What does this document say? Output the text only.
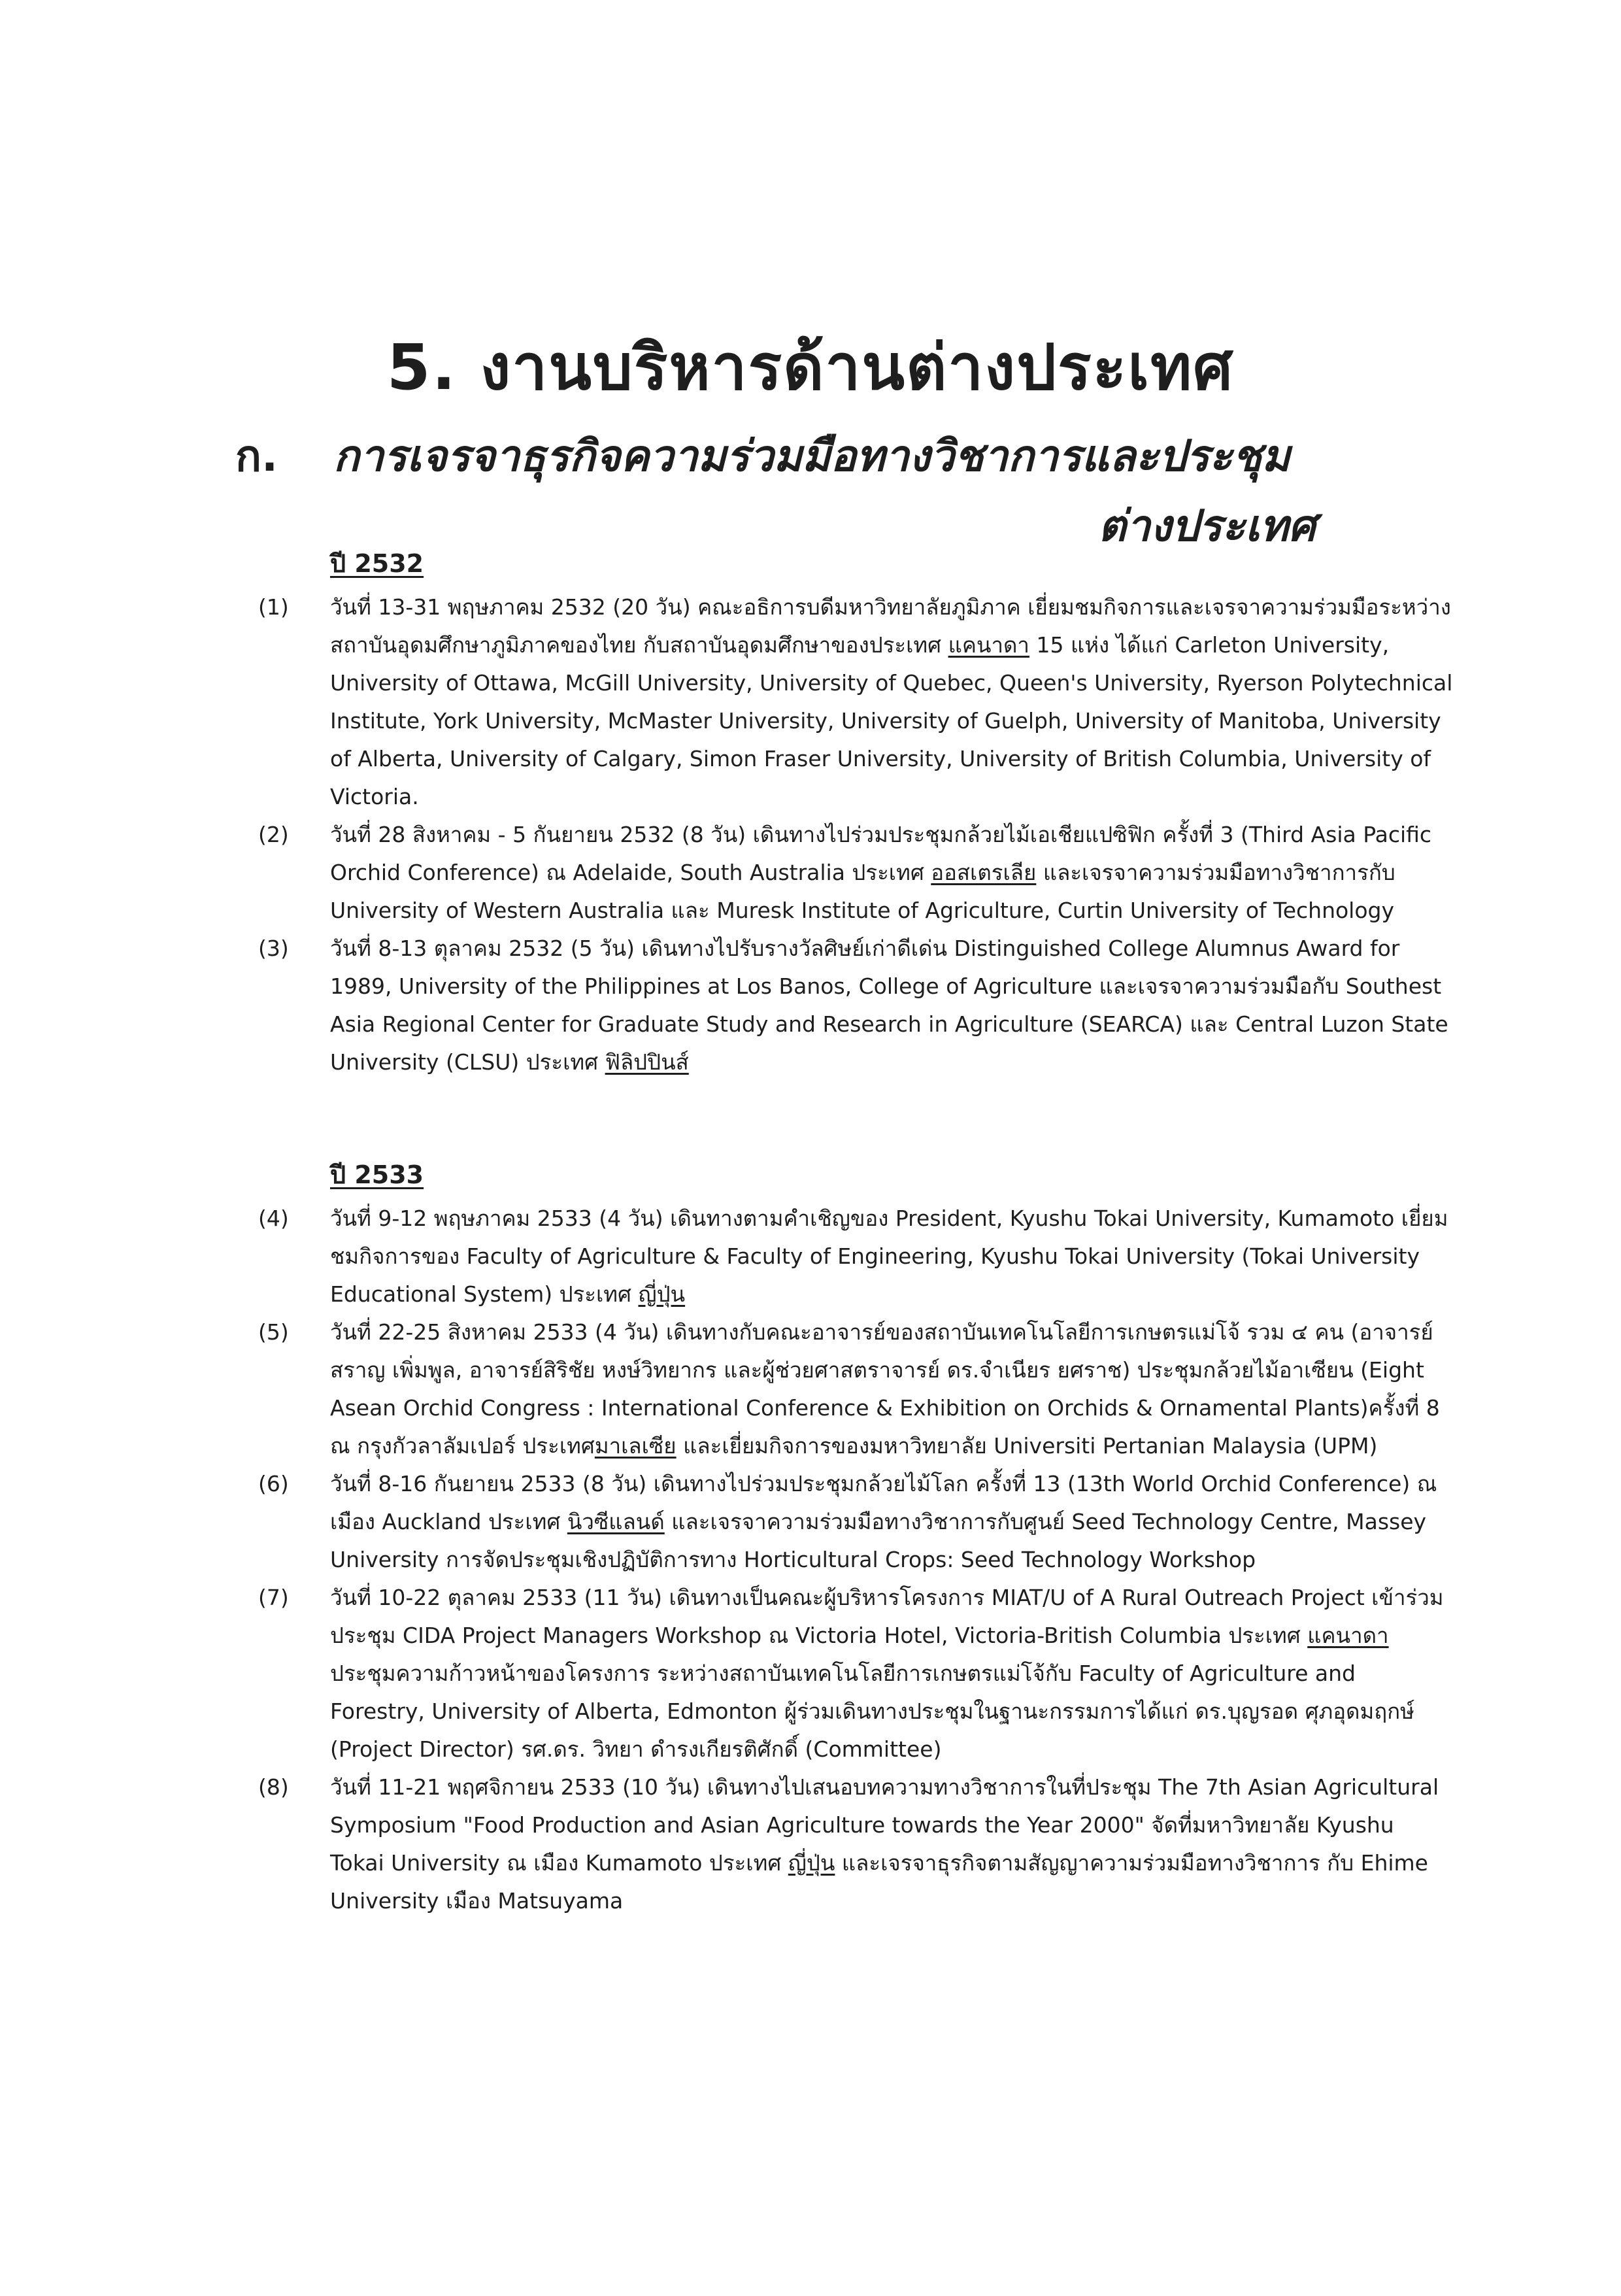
5. งานบริหารด้านต่างประเทศ
ก. การเจรจาธุรกิจความร่วมมือทางวิชาการและประชุม
ต่างประเทศ
ปี 2532
(1)	วันที่ 13-31 พฤษภาคม 2532 (20 วัน) คณะอธิการบดีมหาวิทยาลัยภูมิภาค เยี่ยมชมกิจการและเจรจาความร่วมมือระหว่างสถาบันอุดมศึกษาภูมิภาคของไทย กับสถาบันอุดมศึกษาของประเทศ แคนาดา 15 แห่ง ได้แก่ Carleton University, University of Ottawa, McGill University, University of Quebec, Queen's University, Ryerson Polytechnical Institute, York University, McMaster University, University of Guelph, University of Manitoba, University of Alberta, University of Calgary, Simon Fraser University, University of British Columbia, University of Victoria.
(2)	วันที่ 28 สิงหาคม - 5 กันยายน 2532 (8 วัน) เดินทางไปร่วมประชุมกล้วยไม้เอเชียแปซิฟิก ครั้งที่ 3 (Third Asia Pacific Orchid Conference) ณ Adelaide, South Australia ประเทศ ออสเตรเลีย และเจรจาความร่วมมือทางวิชาการกับ University of Western Australia และ Muresk Institute of Agriculture, Curtin University of Technology
(3)	วันที่ 8-13 ตุลาคม 2532 (5 วัน) เดินทางไปรับรางวัลศิษย์เก่าดีเด่น Distinguished College Alumnus Award for 1989, University of the Philippines at Los Banos, College of Agriculture และเจรจาความร่วมมือกับ Southest Asia Regional Center for Graduate Study and Research in Agriculture (SEARCA) และ Central Luzon State University (CLSU) ประเทศ ฟิลิปปินส์
ปี 2533
(4)	วันที่ 9-12 พฤษภาคม 2533 (4 วัน) เดินทางตามคำเชิญของ President, Kyushu Tokai University, Kumamoto เยี่ยมชมกิจการของ Faculty of Agriculture & Faculty of Engineering, Kyushu Tokai University (Tokai University Educational System) ประเทศ ญี่ปุ่น
(5)	วันที่ 22-25 สิงหาคม 2533 (4 วัน) เดินทางกับคณะอาจารย์ของสถาบันเทคโนโลยีการเกษตรแม่โจ้ รวม ๔ คน (อาจารย์สราญ เพิ่มพูล, อาจารย์สิริชัย หงษ์วิทยากร และผู้ช่วยศาสตราจารย์ ดร.จำเนียร ยศราช) ประชุมกล้วยไม้อาเซียน (Eight Asean Orchid Congress : International Conference & Exhibition on Orchids & Ornamental Plants)ครั้งที่ 8 ณ กรุงกัวลาลัมเปอร์ ประเทศมาเลเซีย และเยี่ยมกิจการของมหาวิทยาลัย Universiti Pertanian Malaysia (UPM)
(6)	วันที่ 8-16 กันยายน 2533 (8 วัน) เดินทางไปร่วมประชุมกล้วยไม้โลก ครั้งที่ 13 (13th World Orchid Conference) ณ เมือง Auckland ประเทศ นิวซีแลนด์ และเจรจาความร่วมมือทางวิชาการกับศูนย์ Seed Technology Centre, Massey University การจัดประชุมเชิงปฏิบัติการทาง Horticultural Crops: Seed Technology Workshop
(7)	วันที่ 10-22 ตุลาคม 2533 (11 วัน) เดินทางเป็นคณะผู้บริหารโครงการ MIAT/U of A Rural Outreach Project เข้าร่วมประชุม CIDA Project Managers Workshop ณ Victoria Hotel, Victoria-British Columbia ประเทศ แคนาดา ประชุมความก้าวหน้าของโครงการ ระหว่างสถาบันเทคโนโลยีการเกษตรแม่โจ้กับ Faculty of Agriculture and Forestry, University of Alberta, Edmonton ผู้ร่วมเดินทางประชุมในฐานะกรรมการได้แก่ ดร.บุญรอด ศุภอุดมฤกษ์ (Project Director) รศ.ดร. วิทยา ดำรงเกียรติศักดิ์ (Committee)
(8)	วันที่ 11-21 พฤศจิกายน 2533 (10 วัน) เดินทางไปเสนอบทความทางวิชาการในที่ประชุม The 7th Asian Agricultural Symposium "Food Production and Asian Agriculture towards the Year 2000" จัดที่มหาวิทยาลัย Kyushu Tokai University ณ เมือง Kumamoto ประเทศ ญี่ปุ่น และเจรจาธุรกิจตามสัญญาความร่วมมือทางวิชาการ กับ Ehime University เมือง Matsuyama
